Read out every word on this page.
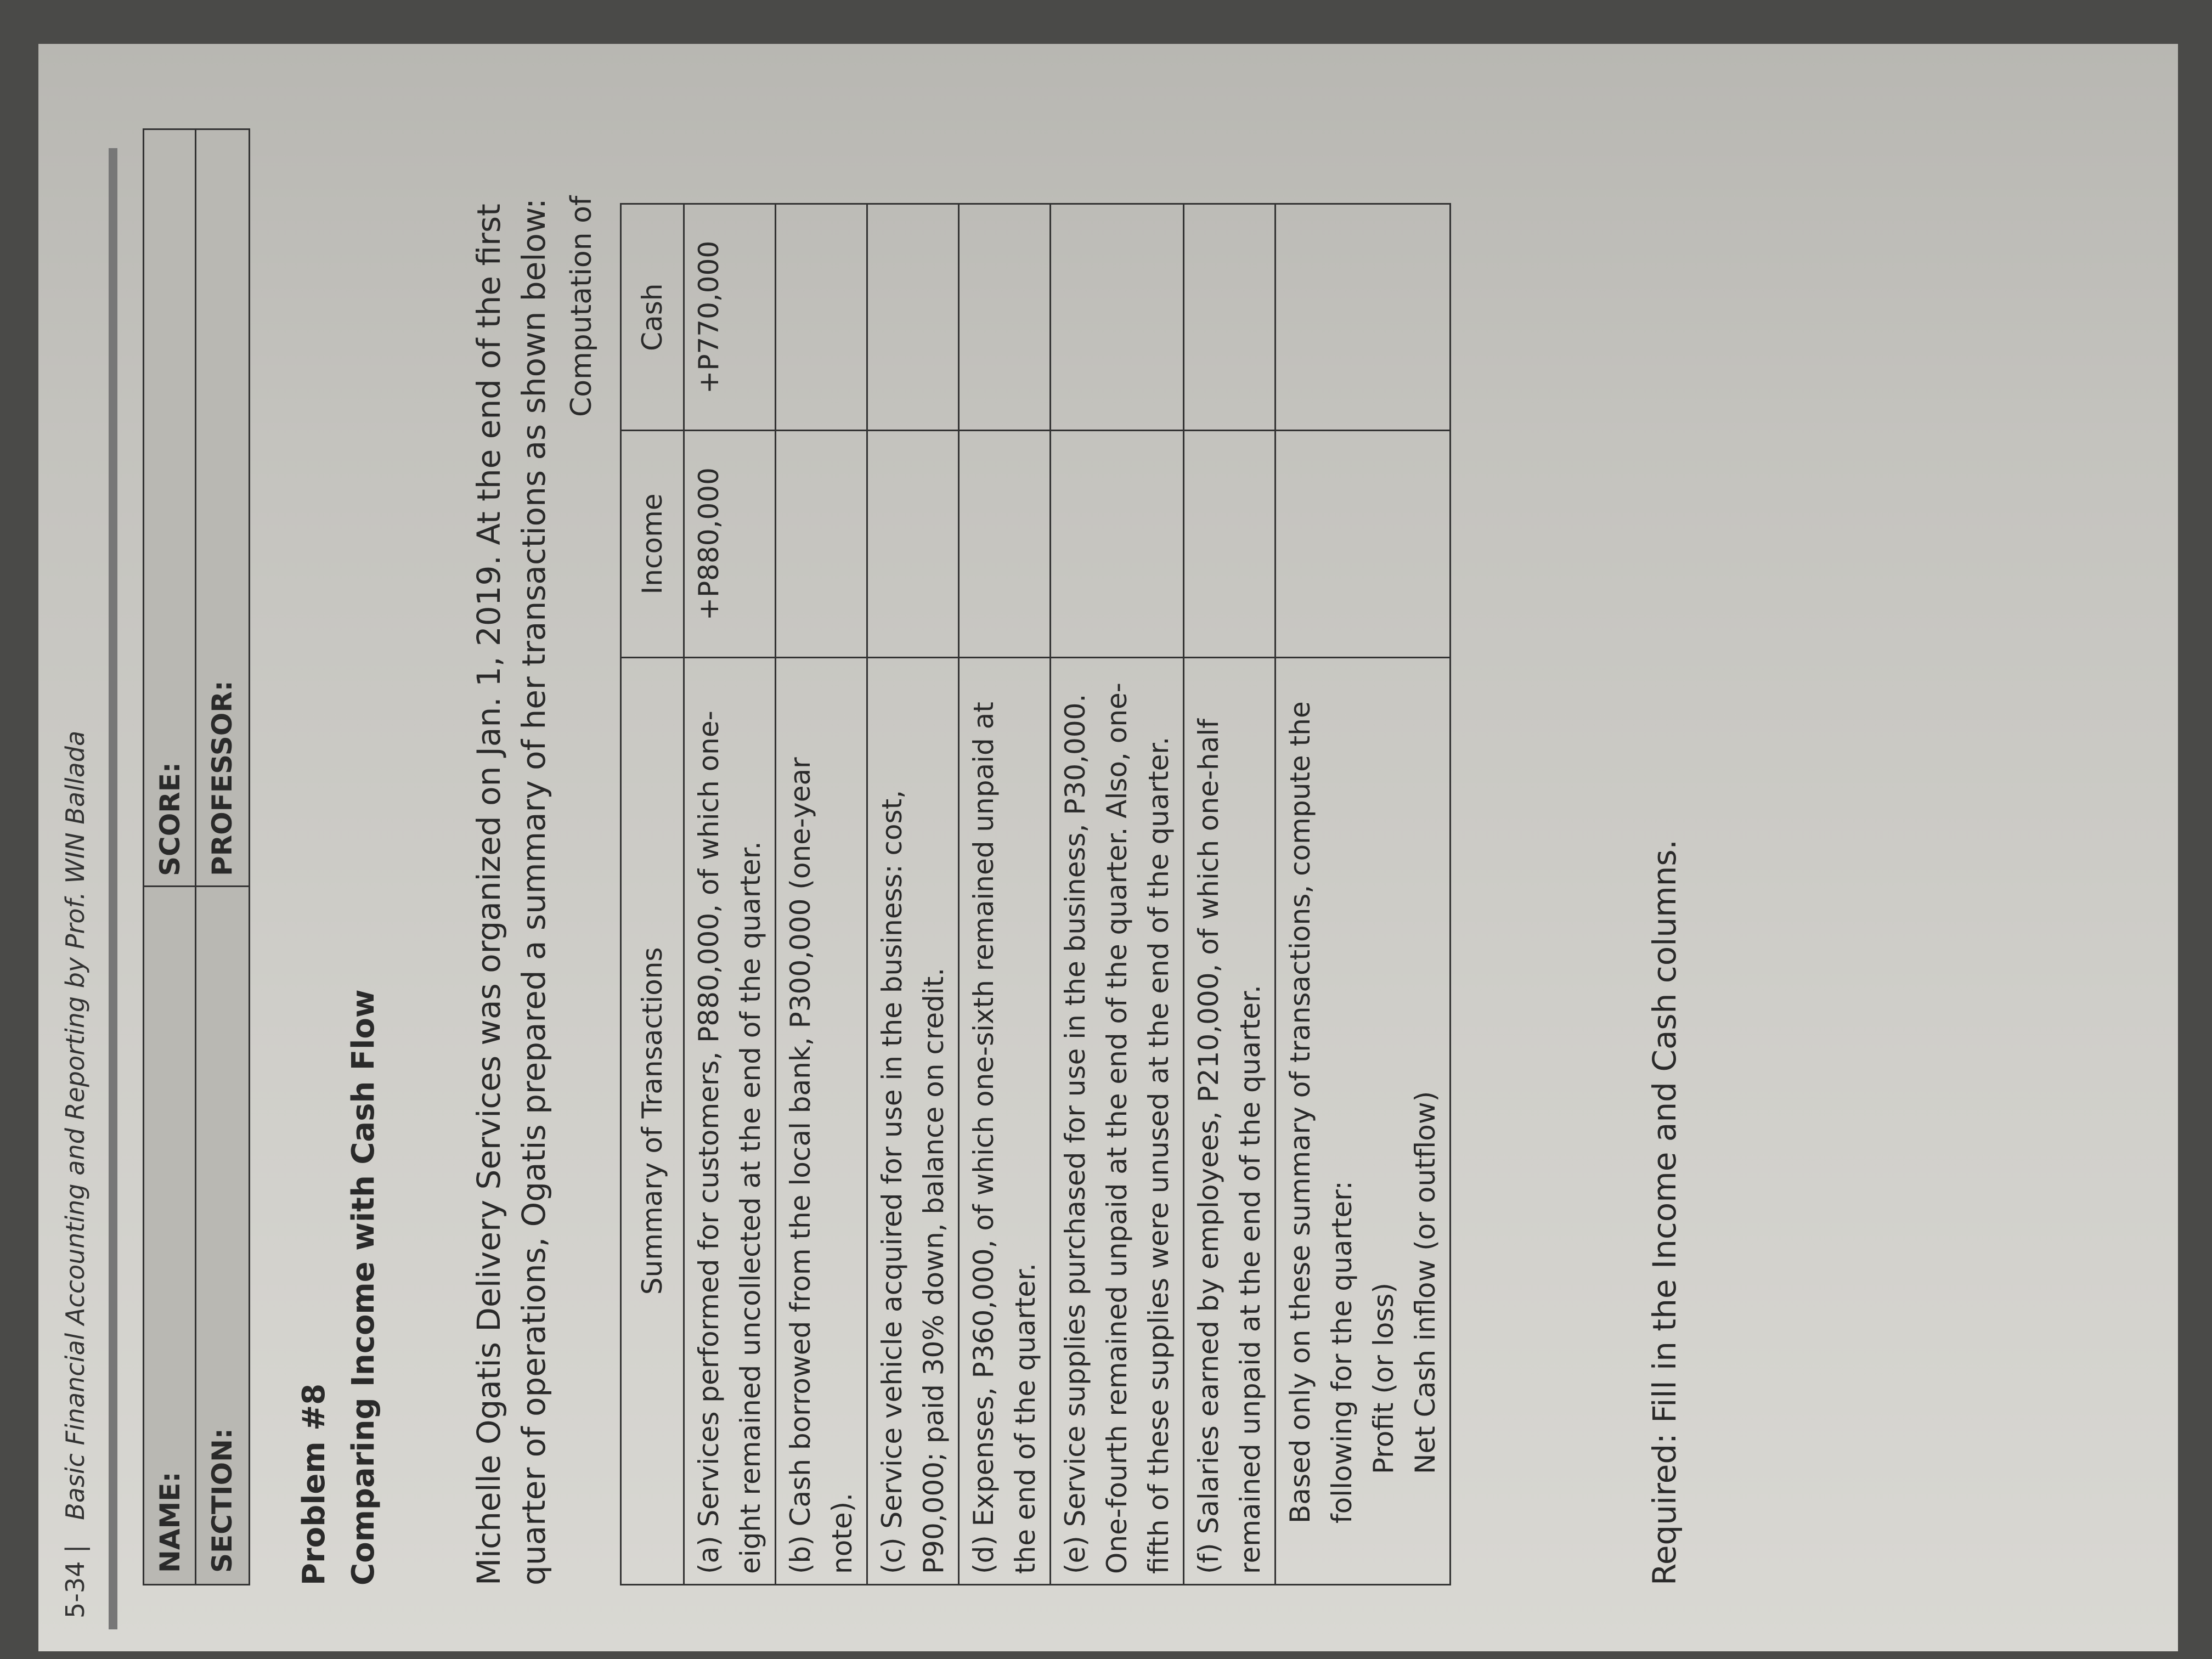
5-34 | Basic Financial Accounting and Reporting by Prof. WIN Ballada
NAME:
SCORE:
SECTION:
PROFESSOR:
Problem #8 Comparing Income with Cash Flow	Michelle Ogatis Delivery Services was organized on Jan. 1, 2019. At the end of the first quarter of operations, Ogatis prepared a summary of her transactions as shown below: Computation of
Summary of Transactions	Income	Cash
(a) Services performed for customers, P880,000, of which one-eight remained uncollected at the end of the quarter.	+P880,000	+P770,000
(b) Cash borrowed from the local bank, P300,000 (one-year note).		
(c) Service vehicle acquired for use in the business: cost, P90,000; paid 30% down, balance on credit.		
(d) Expenses, P360,000, of which one-sixth remained unpaid at the end of the quarter.		
(e) Service supplies purchased for use in the business, P30,000. One-fourth remained unpaid at the end of the quarter. Also, one-fifth of these supplies were unused at the end of the quarter.		
(f) Salaries earned by employees, P210,000, of which one-half remained unpaid at the end of the quarter.		
Based only on these summary of transactions, compute the following for the quarter: Profit (or loss) Net Cash inflow (or outflow)		
			Required: Fill in the Income and Cash columns.
